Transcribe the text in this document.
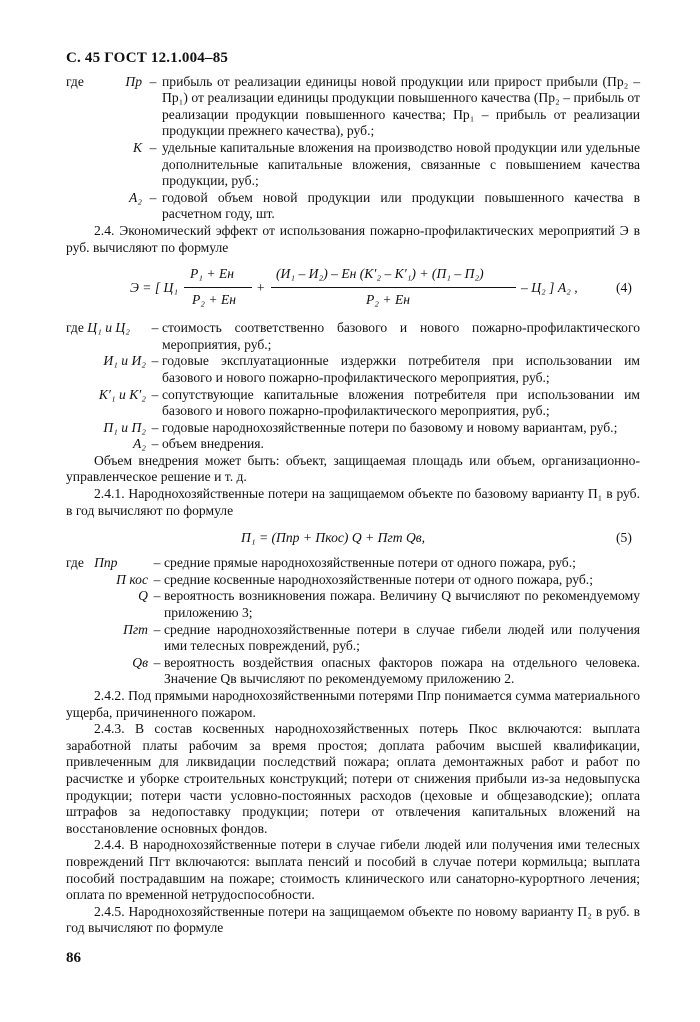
С. 45 ГОСТ 12.1.004–85
где	Пр – прибыль от реализации единицы новой продукции или прирост прибыли (Пр₂ – Пр₁) от реализации единицы продукции повышенного качества (Пр₂ – прибыль от реализации продукции повышенного качества; Пр₁ – прибыль от реализации продукции прежнего качества), руб.;
К – удельные капитальные вложения на производство новой продукции или удельные дополнительные капитальные вложения, связанные с повышением качества продукции, руб.;
А₂ – годовой объем новой продукции или продукции повышенного качества в расчетном году, шт.

2.4. Экономический эффект от использования пожарно-профилактических мероприятий Э в руб. вычисляют по формуле

Э = [ Ц₁
P₁ + Eн
P₂ + Eн
+
(И₁ – И₂) – Eн (K′₂ – K′₁) + (П₁ – П₂)
P₂ + Eн
– Ц₂ ] A₂ ,	(4)
где Ц₁ и Ц₂	– стоимость соответственно базового и нового пожарно-профилактического мероприятия, руб.;
И₁ и И₂ – годовые эксплуатационные издержки потребителя при использовании им базового и нового пожарно-профилактического мероприятия, руб.;
K′₁ и K′₂ – сопутствующие капитальные вложения потребителя при использовании им базового и нового пожарно-профилактического мероприятия, руб.;
П₁ и П₂ – годовые народнохозяйственные потери по базовому и новому вариантам, руб.;
А₂ – объем внедрения.

Объем внедрения может быть: объект, защищаемая площадь или объем, организационно-управленческое решение и т. д.

2.4.1. Народнохозяйственные потери на защищаемом объекте по базовому варианту П₁ в руб. в год вычисляют по формуле

П₁ = (Ппр + Пкос) Q + Пгт Qв,	(5)
где Ппр	– средние прямые народнохозяйственные потери от одного пожара, руб.;
П кос – средние косвенные народнохозяйственные потери от одного пожара, руб.;
Q – вероятность возникновения пожара. Величину Q вычисляют по рекомендуемому приложению 3;
Пгт – средние народнохозяйственные потери в случае гибели людей или получения ими телесных повреждений, руб.;
Qв – вероятность воздействия опасных факторов пожара на отдельного человека. Значение Qв вычисляют по рекомендуемому приложению 2.

2.4.2. Под прямыми народнохозяйственными потерями Ппр понимается сумма материального ущерба, причиненного пожаром.

2.4.3. В состав косвенных народнохозяйственных потерь Пкос включаются: выплата заработной платы рабочим за время простоя; доплата рабочим высшей квалификации, привлеченным для ликвидации последствий пожара; оплата демонтажных работ и работ по расчистке и уборке строительных конструкций; потери от снижения прибыли из-за недовыпуска продукции; потери части условно-постоянных расходов (цеховые и общезаводские); оплата штрафов за недопоставку продукции; потери от отвлечения капитальных вложений на восстановление основных фондов.

2.4.4. В народнохозяйственные потери в случае гибели людей или получения ими телесных повреждений Пгт включаются: выплата пенсий и пособий в случае потери кормильца; выплата пособий пострадавшим на пожаре; стоимость клинического или санаторно-курортного лечения; оплата по временной нетрудоспособности.

2.4.5. Народнохозяйственные потери на защищаемом объекте по новому варианту П₂ в руб. в год вычисляют по формуле

86
